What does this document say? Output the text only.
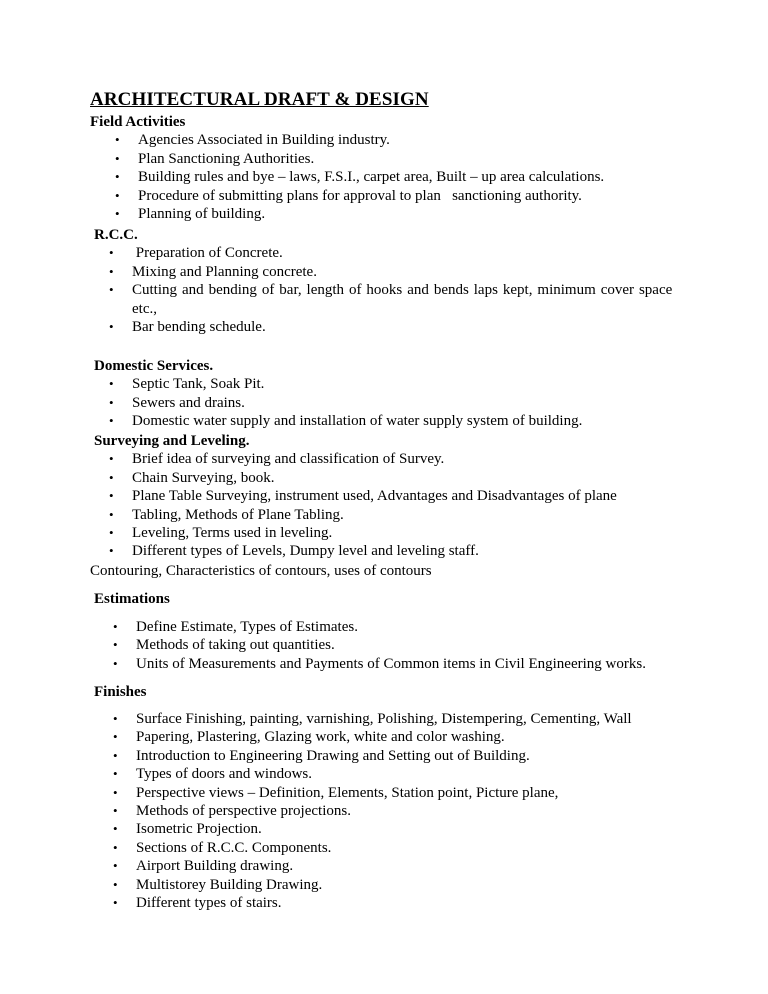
ARCHITECTURAL DRAFT & DESIGN
Field Activities
• Agencies Associated in Building industry.
• Plan Sanctioning Authorities.
• Building rules and bye – laws, F.S.I., carpet area, Built – up area calculations.
• Procedure of submitting plans for approval to plan   sanctioning authority.
• Planning of building.
R.C.C.
• Preparation of Concrete.
• Mixing and Planning concrete.
• Cutting and bending of bar, length of hooks and bends laps kept, minimum cover space
etc.,
• Bar bending schedule.
Domestic Services.
• Septic Tank, Soak Pit.
• Sewers and drains.
• Domestic water supply and installation of water supply system of building.
Surveying and Leveling.
• Brief idea of surveying and classification of Survey.
• Chain Surveying, book.
• Plane Table Surveying, instrument used, Advantages and Disadvantages of plane
• Tabling, Methods of Plane Tabling.
• Leveling, Terms used in leveling.
• Different types of Levels, Dumpy level and leveling staff.
Contouring, Characteristics of contours, uses of contours
Estimations
• Define Estimate, Types of Estimates.
• Methods of taking out quantities.
• Units of Measurements and Payments of Common items in Civil Engineering works.
Finishes
• Surface Finishing, painting, varnishing, Polishing, Distempering, Cementing, Wall
• Papering, Plastering, Glazing work, white and color washing.
• Introduction to Engineering Drawing and Setting out of Building.
• Types of doors and windows.
• Perspective views – Definition, Elements, Station point, Picture plane,
• Methods of perspective projections.
• Isometric Projection.
• Sections of R.C.C. Components.
• Airport Building drawing.
• Multistorey Building Drawing.
• Different types of stairs.
